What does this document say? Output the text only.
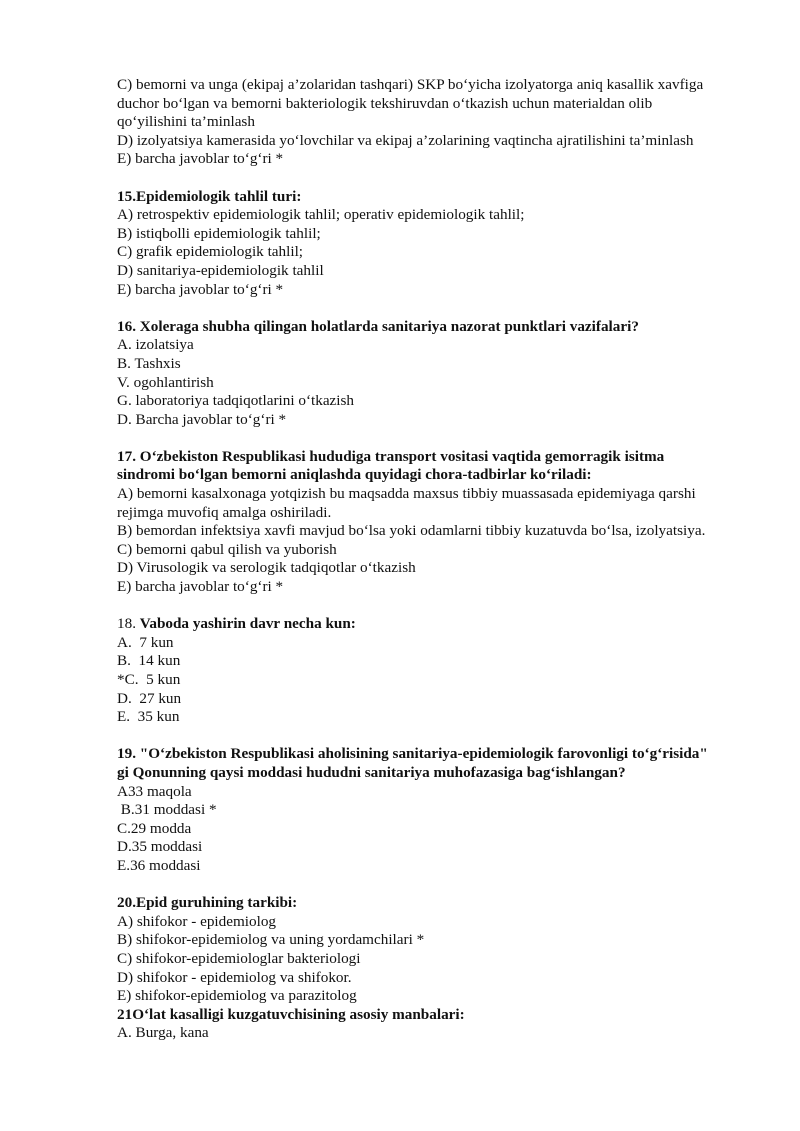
C) bemorni va unga (ekipaj a’zolaridan tashqari) SKP bo‘yicha izolyatorga aniq kasallik xavfiga
duchor bo‘lgan va bemorni bakteriologik tekshiruvdan o‘tkazish uchun materialdan olib
qo‘yilishini ta’minlash
D) izolyatsiya kamerasida yo‘lovchilar va ekipaj a’zolarining vaqtincha ajratilishini ta’minlash
E) barcha javoblar to‘g‘ri *
15.Epidemiologik tahlil turi:
A) retrospektiv epidemiologik tahlil; operativ epidemiologik tahlil;
B) istiqbolli epidemiologik tahlil;
C) grafik epidemiologik tahlil;
D) sanitariya-epidemiologik tahlil
E) barcha javoblar to‘g‘ri *
16. Xoleraga shubha qilingan holatlarda sanitariya nazorat punktlari vazifalari?
A. izolatsiya
B. Tashxis
V. ogohlantirish
G. laboratoriya tadqiqotlarini o‘tkazish
D. Barcha javoblar to‘g‘ri *
17. O‘zbekiston Respublikasi hududiga transport vositasi vaqtida gemorragik isitma
sindromi bo‘lgan bemorni aniqlashda quyidagi chora-tadbirlar ko‘riladi:
A) bemorni kasalxonaga yotqizish bu maqsadda maxsus tibbiy muassasada epidemiyaga qarshi
rejimga muvofiq amalga oshiriladi.
B) bemordan infektsiya xavfi mavjud bo‘lsa yoki odamlarni tibbiy kuzatuvda bo‘lsa, izolyatsiya.
C) bemorni qabul qilish va yuborish
D) Virusologik va serologik tadqiqotlar o‘tkazish
E) barcha javoblar to‘g‘ri *
18. Vaboda yashirin davr necha kun:
A.  7 kun
B.  14 kun
*C.  5 kun
D.  27 kun
E.  35 kun
19. "O‘zbekiston Respublikasi aholisining sanitariya-epidemiologik farovonligi to‘g‘risida"
gi Qonunning qaysi moddasi hududni sanitariya muhofazasiga bag‘ishlangan?
A33 maqola
B.31 moddasi *
C.29 modda
D.35 moddasi
E.36 moddasi
20.Epid guruhining tarkibi:
A) shifokor - epidemiolog
B) shifokor-epidemiolog va uning yordamchilari *
C) shifokor-epidemiologlar bakteriologi
D) shifokor - epidemiolog va shifokor.
E) shifokor-epidemiolog va parazitolog
21O‘lat kasalligi kuzgatuvchisining asosiy manbalari:
A. Burga, kana
